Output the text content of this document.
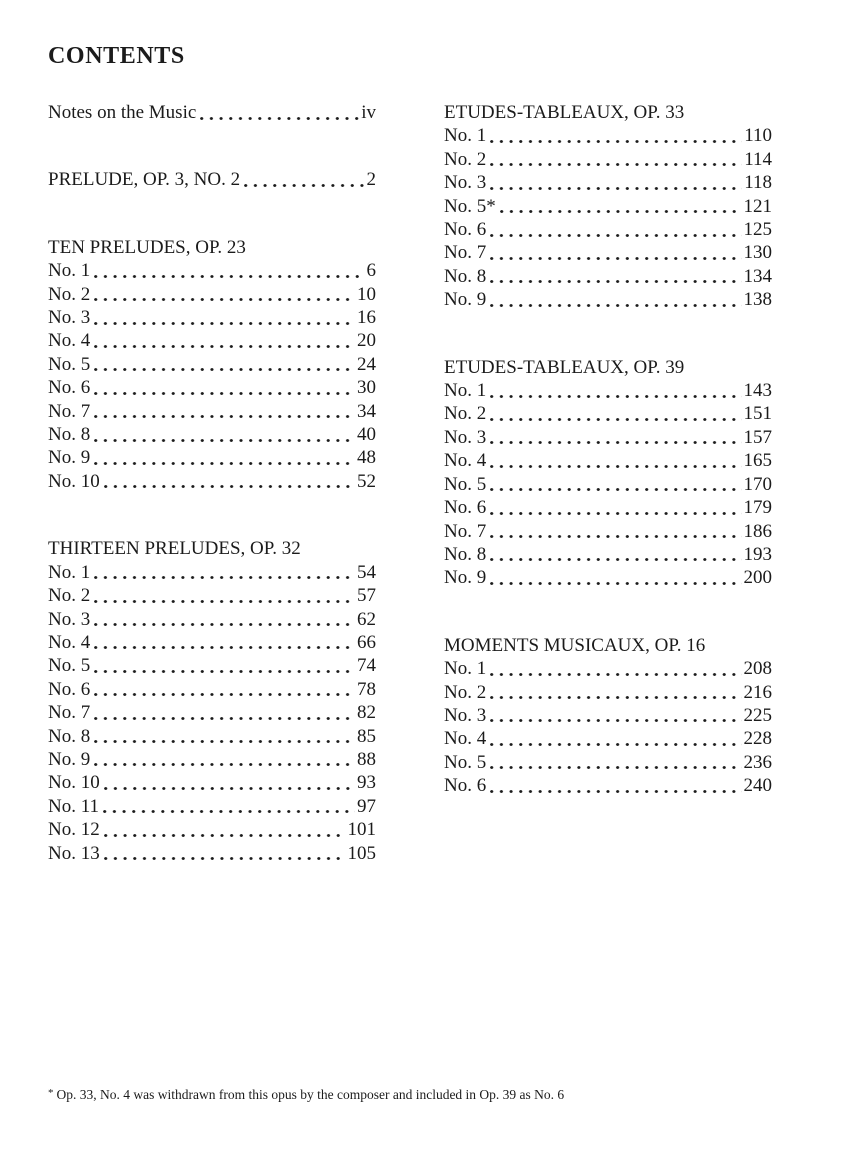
CONTENTS
Notes on the Music	iv
PRELUDE, OP. 3, NO. 2	2
TEN PRELUDES, OP. 23
No. 1	6
No. 2	10
No. 3	16
No. 4	20
No. 5	24
No. 6	30
No. 7	34
No. 8	40
No. 9	48
No. 10	52
THIRTEEN PRELUDES, OP. 32
No. 1	54
No. 2	57
No. 3	62
No. 4	66
No. 5	74
No. 6	78
No. 7	82
No. 8	85
No. 9	88
No. 10	93
No. 11	97
No. 12	101
No. 13	105
ETUDES-TABLEAUX, OP. 33
No. 1	110
No. 2	114
No. 3	118
No. 5*	121
No. 6	125
No. 7	130
No. 8	134
No. 9	138
ETUDES-TABLEAUX, OP. 39
No. 1	143
No. 2	151
No. 3	157
No. 4	165
No. 5	170
No. 6	179
No. 7	186
No. 8	193
No. 9	200
MOMENTS MUSICAUX, OP. 16
No. 1	208
No. 2	216
No. 3	225
No. 4	228
No. 5	236
No. 6	240
* Op. 33, No. 4 was withdrawn from this opus by the composer and included in Op. 39 as No. 6
